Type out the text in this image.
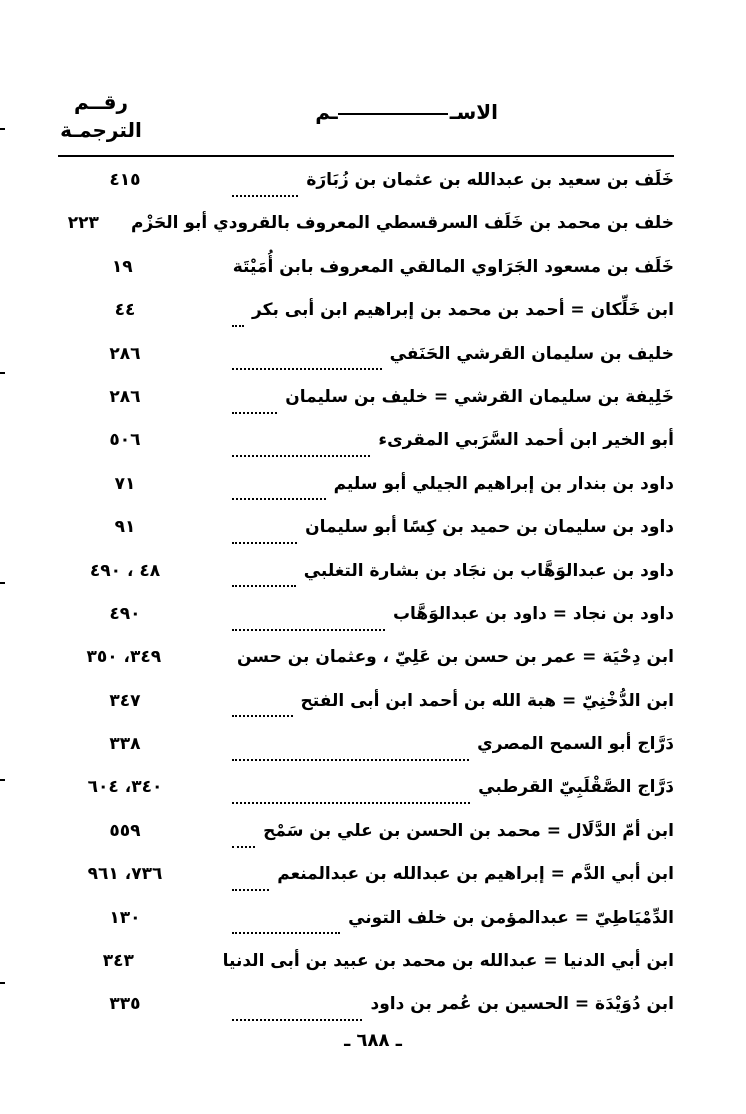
الاســم
رقــم
الترجمـة
خَلَف بن سعيد بن عبدالله بن عثمان بن زُبَارَة
٤١٥
خلف بن محمد بن خَلَف السرقسطي المعروف بالقرودي أبو الحَزْم
٢٢٣
خَلَف بن مسعود الجَرَاوي المالقي المعروف بابن أُمَيْتَة
١٩
ابن خَلِّكان = أحمد بن محمد بن إبراهيم ابن أبى بكر
٤٤
خليف بن سليمان القرشي الحَنَفي
٢٨٦
خَلِيفة بن سليمان القرشي = خليف بن سليمان
٢٨٦
أبو الخير ابن أحمد السَّرَبي المقرىء
٥٠٦
داود بن بندار بن إبراهيم الجيلي أبو سليم
٧١
داود بن سليمان بن حميد بن كِسًا أبو سليمان
٩١
داود بن عبدالوَهَّاب بن نجَاد بن بشارة التغلبي
٤٨ ، ٤٩٠
داود بن نجاد = داود بن عبدالوَهَّاب
٤٩٠
ابن دِحْيَة = عمر بن حسن بن عَلِيّ ، وعثمان بن حسن
٣٤٩، ٣٥٠
ابن الدُّخْنِيّ = هبة الله بن أحمد ابن أبى الفتح
٣٤٧
دَرَّاج أبو السمح المصري
٣٣٨
دَرَّاج الصَّقْلَبِيّ القرطبي
٣٤٠، ٦٠٤
ابن أمّ الدَّلَال = محمد بن الحسن بن علي بن سَمْح
٥٥٩
ابن أبي الدَّم = إبراهيم بن عبدالله بن عبدالمنعم
٧٣٦، ٩٦١
الدِّمْيَاطِيّ = عبدالمؤمن بن خلف التوني
١٣٠
ابن أبي الدنيا = عبدالله بن محمد بن عبيد بن أبى الدنيا
٣٤٣
ابن دُوَيْدَة = الحسين بن عُمر بن داود
٣٣٥
ـ ٦٨٨ ـ
